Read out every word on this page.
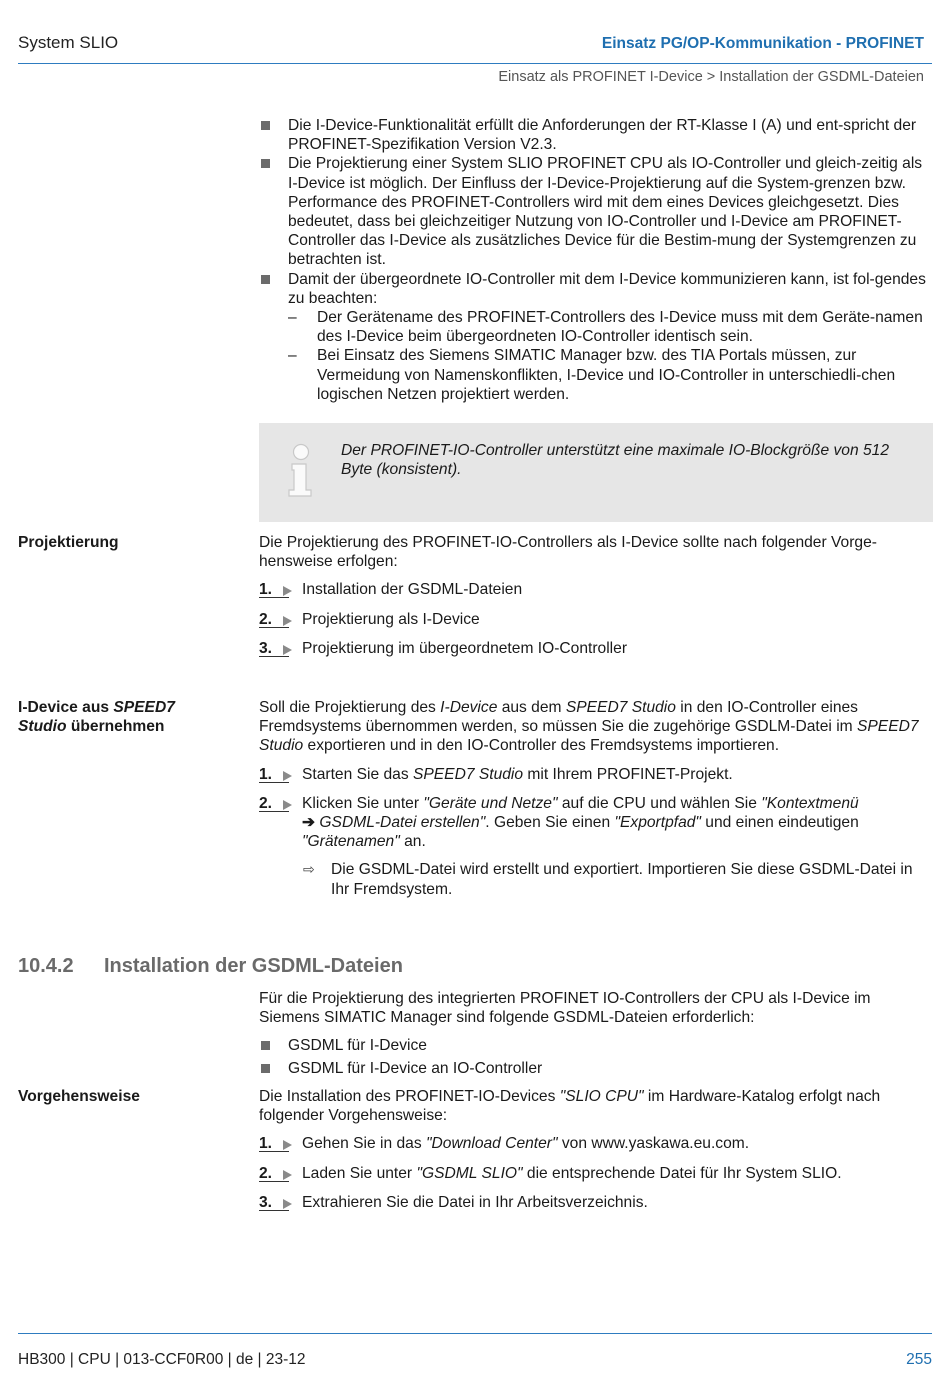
System SLIO	Einsatz PG/OP-Kommunikation - PROFINET
Einsatz als PROFINET I-Device > Installation der GSDML-Dateien
Die I-Device-Funktionalität erfüllt die Anforderungen der RT-Klasse I (A) und ent-spricht der PROFINET-Spezifikation Version V2.3.
Die Projektierung einer System SLIO PROFINET CPU als IO-Controller und gleich-zeitig als I-Device ist möglich. Der Einfluss der I-Device-Projektierung auf die System-grenzen bzw. Performance des PROFINET-Controllers wird mit dem eines Devices gleichgesetzt. Dies bedeutet, dass bei gleichzeitiger Nutzung von IO-Controller und I-Device am PROFINET-Controller das I-Device als zusätzliches Device für die Bestim-mung der Systemgrenzen zu betrachten ist.
Damit der übergeordnete IO-Controller mit dem I-Device kommunizieren kann, ist fol-gendes zu beachten:
– Der Gerätename des PROFINET-Controllers des I-Device muss mit dem Geräte-namen des I-Device beim übergeordneten IO-Controller identisch sein.
– Bei Einsatz des Siemens SIMATIC Manager bzw. des TIA Portals müssen, zur Vermeidung von Namenskonflikten, I-Device und IO-Controller in unterschiedli-chen logischen Netzen projektiert werden.
Der PROFINET-IO-Controller unterstützt eine maximale IO-Blockgröße von 512 Byte (konsistent).
Projektierung	Die Projektierung des PROFINET-IO-Controllers als I-Device sollte nach folgender Vorge-hensweise erfolgen:
1. Installation der GSDML-Dateien
2. Projektierung als I-Device
3. Projektierung im übergeordnetem IO-Controller
I-Device aus SPEED7
Studio übernehmen
Soll die Projektierung des I-Device aus dem SPEED7 Studio in den IO-Controller eines Fremdsystems übernommen werden, so müssen Sie die zugehörige GSDLM-Datei im SPEED7 Studio exportieren und in den IO-Controller des Fremdsystems importieren.
1. Starten Sie das SPEED7 Studio mit Ihrem PROFINET-Projekt.
2. Klicken Sie unter "Geräte und Netze" auf die CPU und wählen Sie "Kontextmenü
➔ GSDML-Datei erstellen". Geben Sie einen "Exportpfad" und einen eindeutigen
"Grätenamen" an.
⇨ Die GSDML-Datei wird erstellt und exportiert. Importieren Sie diese GSDML-Datei in Ihr Fremdsystem.
10.4.2 Installation der GSDML-Dateien
Für die Projektierung des integrierten PROFINET IO-Controllers der CPU als I-Device im Siemens SIMATIC Manager sind folgende GSDML-Dateien erforderlich:
GSDML für I-Device
GSDML für I-Device an IO-Controller
Vorgehensweise	Die Installation des PROFINET-IO-Devices "SLIO CPU" im Hardware-Katalog erfolgt nach folgender Vorgehensweise:
1. Gehen Sie in das "Download Center" von www.yaskawa.eu.com.
2. Laden Sie unter "GSDML SLIO" die entsprechende Datei für Ihr System SLIO.
3. Extrahieren Sie die Datei in Ihr Arbeitsverzeichnis.
HB300 | CPU | 013-CCF0R00 | de | 23-12	255
